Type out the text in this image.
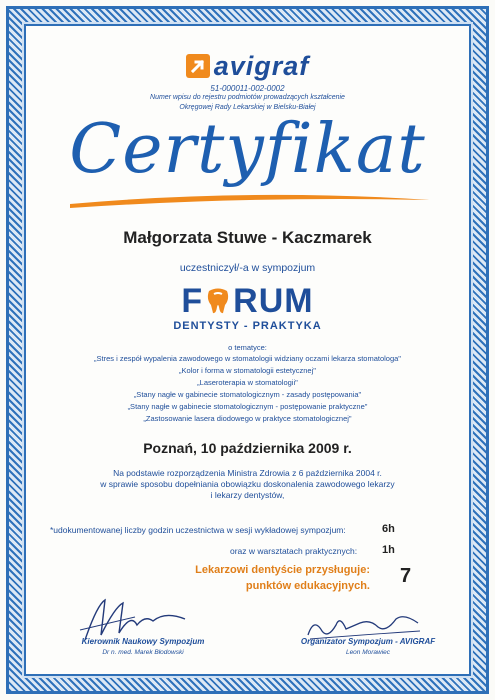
avigraf
51-000011-002-0002
Numer wpisu do rejestru podmiotów prowadzących kształcenie
Okręgowej Rady Lekarskiej w Bielsku-Białej
Certyfikat
Małgorzata Stuwe - Kaczmarek
uczestniczył/-a w sympozjum
F RUM
DENTYSTY - PRAKTYKA
o tematyce:
„Stres i zespół wypalenia zawodowego w stomatologii widziany oczami lekarza stomatologa"
„Kolor i forma w stomatologii estetycznej"
„Laseroterapia w stomatologii"
„Stany nagłe w gabinecie stomatologicznym - zasady postępowania"
„Stany nagłe w gabinecie stomatologicznym - postępowanie praktyczne"
„Zastosowanie lasera diodowego w praktyce stomatologicznej"
Poznań, 10 października 2009 r.
Na podstawie rozporządzenia Ministra Zdrowia z 6 października 2004 r.
w sprawie sposobu dopełniania obowiązku doskonalenia zawodowego lekarzy
i lekarzy dentystów,
*udokumentowanej liczby godzin uczestnictwa w sesji wykładowej sympozjum:	6h
oraz w warsztatach praktycznych: 1h
Lekarzowi dentyście przysługuje:
punktów edukacyjnych. 7
Kierownik Naukowy Sympozjum
Dr n. med. Marek Błodowski
Organizator Sympozjum - AVIGRAF
Leon Morawiec
